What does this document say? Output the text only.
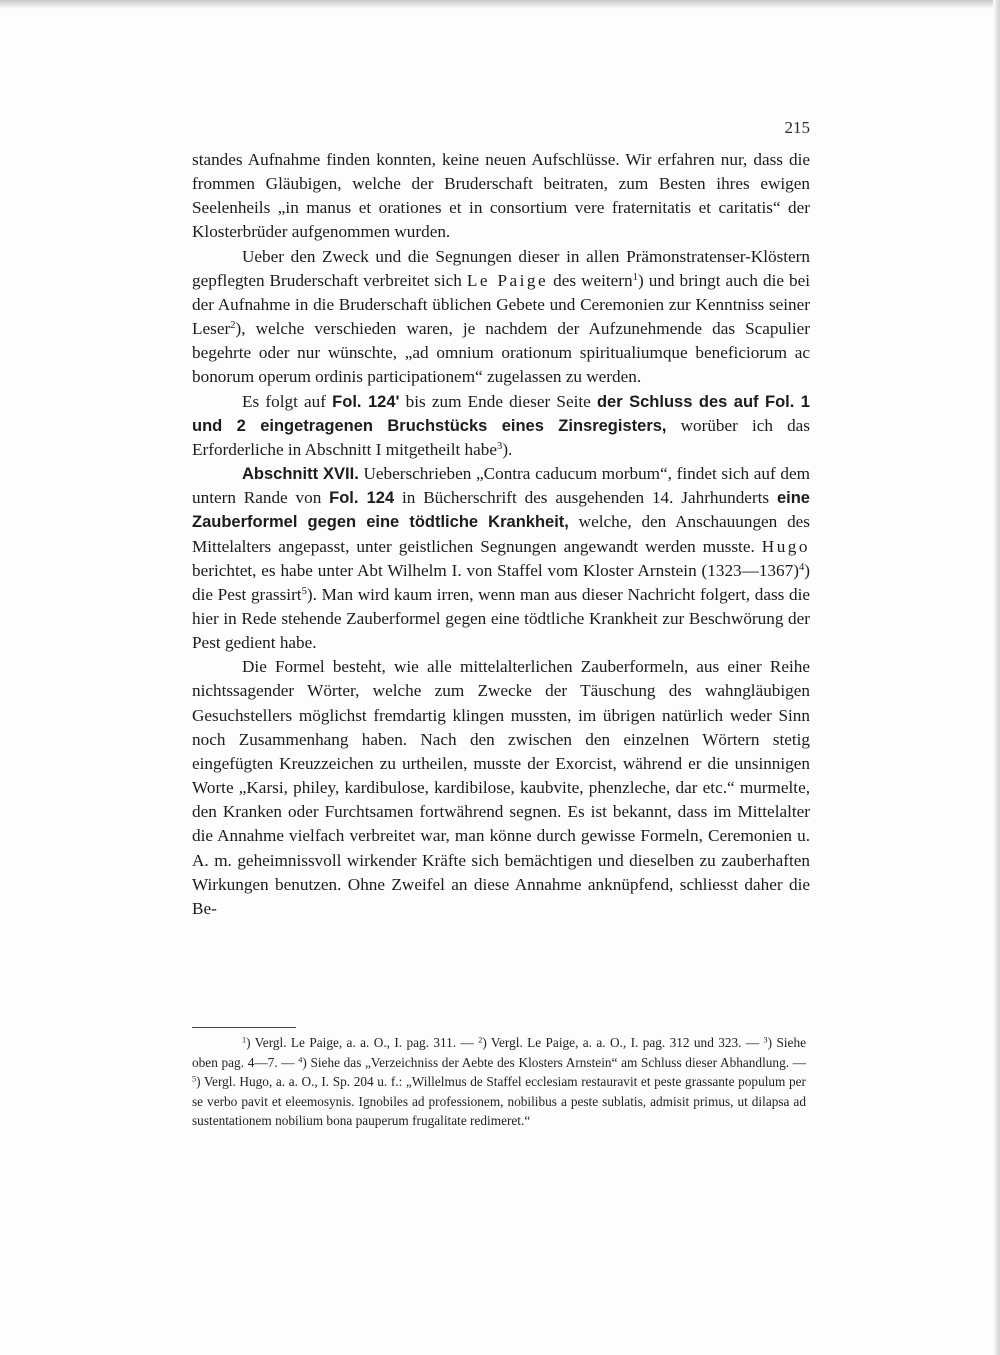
215

standes Aufnahme finden konnten, keine neuen Aufschlüsse. Wir erfahren nur, dass die frommen Gläubigen, welche der Bruderschaft beitraten, zum Besten ihres ewigen Seelenheils „in manus et orationes et in consortium vere fraternitatis et caritatis“ der Klosterbrüder aufgenommen wurden.

Ueber den Zweck und die Segnungen dieser in allen Prämonstratenser-Klöstern gepflegten Bruderschaft verbreitet sich Le Paige des weitern$^1$) und bringt auch die bei der Aufnahme in die Bruderschaft üblichen Gebete und Ceremonien zur Kenntniss seiner Leser$^2$), welche verschieden waren, je nachdem der Aufzunehmende das Scapulier begehrte oder nur wünschte, „ad omnium orationum spiritualiumque beneficiorum ac bonorum operum ordinis participationem“ zugelassen zu werden.

Es folgt auf Fol. 124' bis zum Ende dieser Seite der Schluss des auf Fol. 1 und 2 eingetragenen Bruchstücks eines Zinsregisters, worüber ich das Erforderliche in Abschnitt I mitgetheilt habe$^3$).

Abschnitt XVII. Ueberschrieben „Contra caducum morbum“, findet sich auf dem untern Rande von Fol. 124 in Bücherschrift des ausgehenden 14. Jahrhunderts eine Zauberformel gegen eine tödtliche Krankheit, welche, den Anschauungen des Mittelalters angepasst, unter geistlichen Segnungen angewandt werden musste. Hugo berichtet, es habe unter Abt Wilhelm I. von Staffel vom Kloster Arnstein (1323—1367)$^4$) die Pest grassirt$^5$). Man wird kaum irren, wenn man aus dieser Nachricht folgert, dass die hier in Rede stehende Zauberformel gegen eine tödtliche Krankheit zur Beschwörung der Pest gedient habe.

Die Formel besteht, wie alle mittelalterlichen Zauberformeln, aus einer Reihe nichtssagender Wörter, welche zum Zwecke der Täuschung des wahngläubigen Gesuchstellers möglichst fremdartig klingen mussten, im übrigen natürlich weder Sinn noch Zusammenhang haben. Nach den zwischen den einzelnen Wörtern stetig eingefügten Kreuzzeichen zu urtheilen, musste der Exorcist, während er die unsinnigen Worte „Karsi, philey, kardibulose, kardibilose, kaubvite, phenzleche, dar etc.“ murmelte, den Kranken oder Furchtsamen fortwährend segnen. Es ist bekannt, dass im Mittelalter die Annahme vielfach verbreitet war, man könne durch gewisse Formeln, Ceremonien u. A. m. geheimnissvoll wirkender Kräfte sich bemächtigen und dieselben zu zauberhaften Wirkungen benutzen. Ohne Zweifel an diese Annahme anknüpfend, schliesst daher die Be-

$^1$) Vergl. Le Paige, a. a. O., I. pag. 311. — $^2$) Vergl. Le Paige, a. a. O., I. pag. 312 und 323. — $^3$) Siehe oben pag. 4—7. — $^4$) Siehe das „Verzeichniss der Aebte des Klosters Arnstein“ am Schluss dieser Abhandlung. — $^5$) Vergl. Hugo, a. a. O., I. Sp. 204 u. f.: „Willelmus de Staffel ecclesiam restauravit et peste grassante populum per se verbo pavit et eleemosynis. Ignobiles ad professionem, nobilibus a peste sublatis, admisit primus, ut dilapsa ad sustentationem nobilium bona pauperum frugalitate redimeret.“
